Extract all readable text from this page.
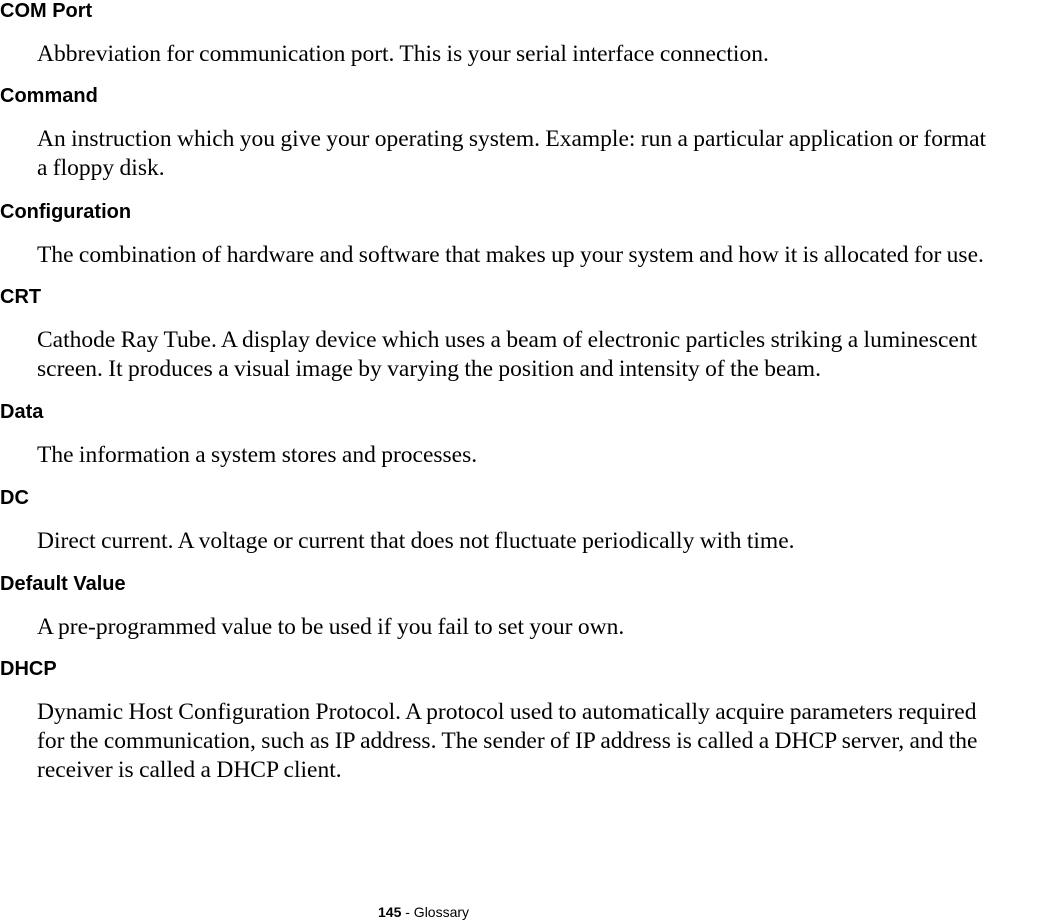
COM Port
Abbreviation for communication port. This is your serial interface connection.
Command
An instruction which you give your operating system. Example: run a particular application or format
a floppy disk.
Configuration
The combination of hardware and software that makes up your system and how it is allocated for use.
CRT
Cathode Ray Tube. A display device which uses a beam of electronic particles striking a luminescent
screen. It produces a visual image by varying the position and intensity of the beam.
Data
The information a system stores and processes.
DC
Direct current. A voltage or current that does not fluctuate periodically with time.
Default Value
A pre-programmed value to be used if you fail to set your own.
DHCP
Dynamic Host Configuration Protocol. A protocol used to automatically acquire parameters required
for the communication, such as IP address. The sender of IP address is called a DHCP server, and the
receiver is called a DHCP client.
145 - Glossary
